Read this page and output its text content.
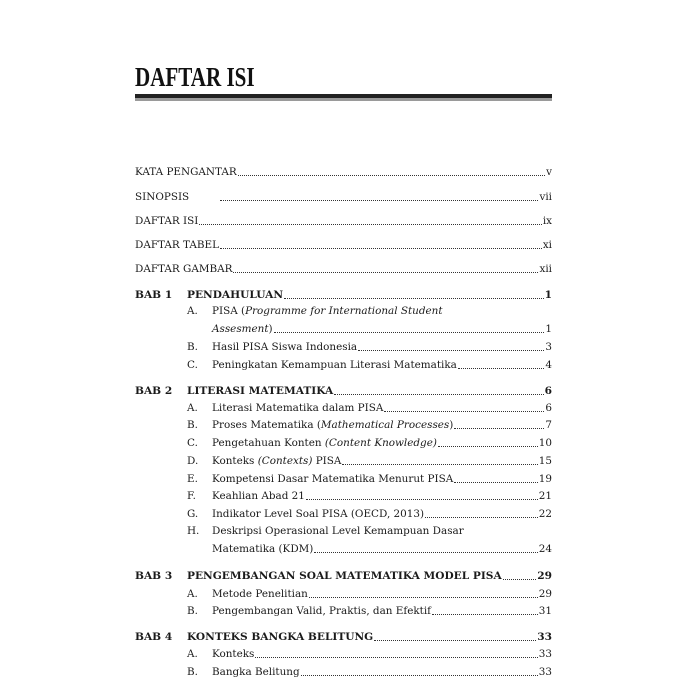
DAFTAR ISI
KATA PENGANTAR	v
SINOPSIS	vii
DAFTAR ISI	ix
DAFTAR TABEL	xi
DAFTAR GAMBAR	xii
BAB 1 PENDAHULUAN	1
A. PISA (Programme for International Student
Assesment)	1
B. Hasil PISA Siswa Indonesia	3
C. Peningkatan Kemampuan Literasi Matematika	4
BAB 2 LITERASI MATEMATIKA	6
A. Literasi Matematika dalam PISA	6
B. Proses Matematika (Mathematical Processes)	7
C. Pengetahuan Konten (Content Knowledge)	10
D. Konteks (Contexts) PISA	15
E. Kompetensi Dasar Matematika Menurut PISA	19
F. Keahlian Abad 21	21
G. Indikator Level Soal PISA (OECD, 2013)	22
H. Deskripsi Operasional Level Kemampuan Dasar
Matematika (KDM)	24
BAB 3 PENGEMBANGAN SOAL MATEMATIKA MODEL PISA	29
A. Metode Penelitian	29
B. Pengembangan Valid, Praktis, dan Efektif	31
BAB 4 KONTEKS BANGKA BELITUNG	33
A. Konteks	33
B. Bangka Belitung	33
